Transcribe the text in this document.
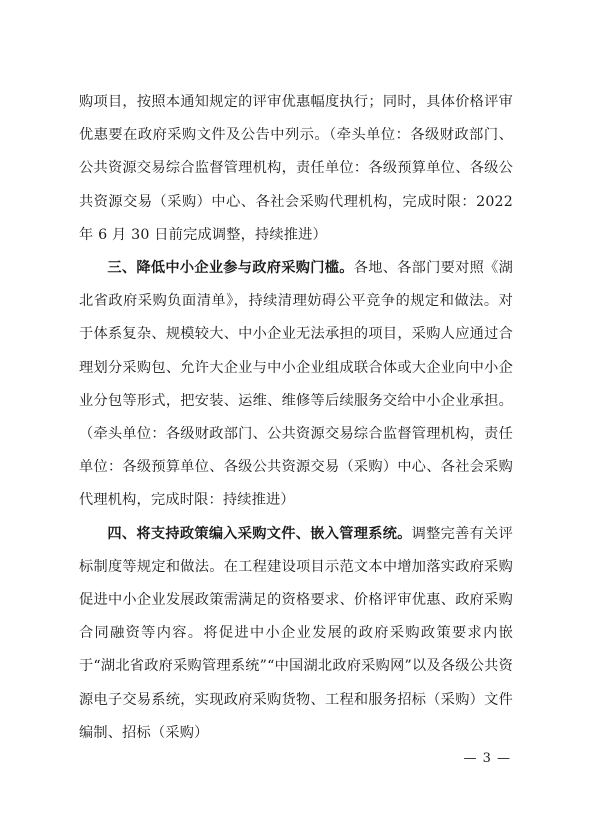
购项目，按照本通知规定的评审优惠幅度执行；同时，具体价格评审优惠要在政府采购文件及公告中列示。（牵头单位：各级财政部门、公共资源交易综合监督管理机构，责任单位：各级预算单位、各级公共资源交易（采购）中心、各社会采购代理机构，完成时限：2022 年 6 月 30 日前完成调整，持续推进）

三、降低中小企业参与政府采购门槛。各地、各部门要对照《湖北省政府采购负面清单》，持续清理妨碍公平竞争的规定和做法。对于体系复杂、规模较大、中小企业无法承担的项目，采购人应通过合理划分采购包、允许大企业与中小企业组成联合体或大企业向中小企业分包等形式，把安装、运维、维修等后续服务交给中小企业承担。（牵头单位：各级财政部门、公共资源交易综合监督管理机构，责任单位：各级预算单位、各级公共资源交易（采购）中心、各社会采购代理机构，完成时限：持续推进）

四、将支持政策编入采购文件、嵌入管理系统。调整完善有关评标制度等规定和做法。在工程建设项目示范文本中增加落实政府采购促进中小企业发展政策需满足的资格要求、价格评审优惠、政府采购合同融资等内容。将促进中小企业发展的政府采购政策要求内嵌于“湖北省政府采购管理系统”“中国湖北政府采购网”以及各级公共资源电子交易系统，实现政府采购货物、工程和服务招标（采购）文件编制、招标（采购）

— 3 —
